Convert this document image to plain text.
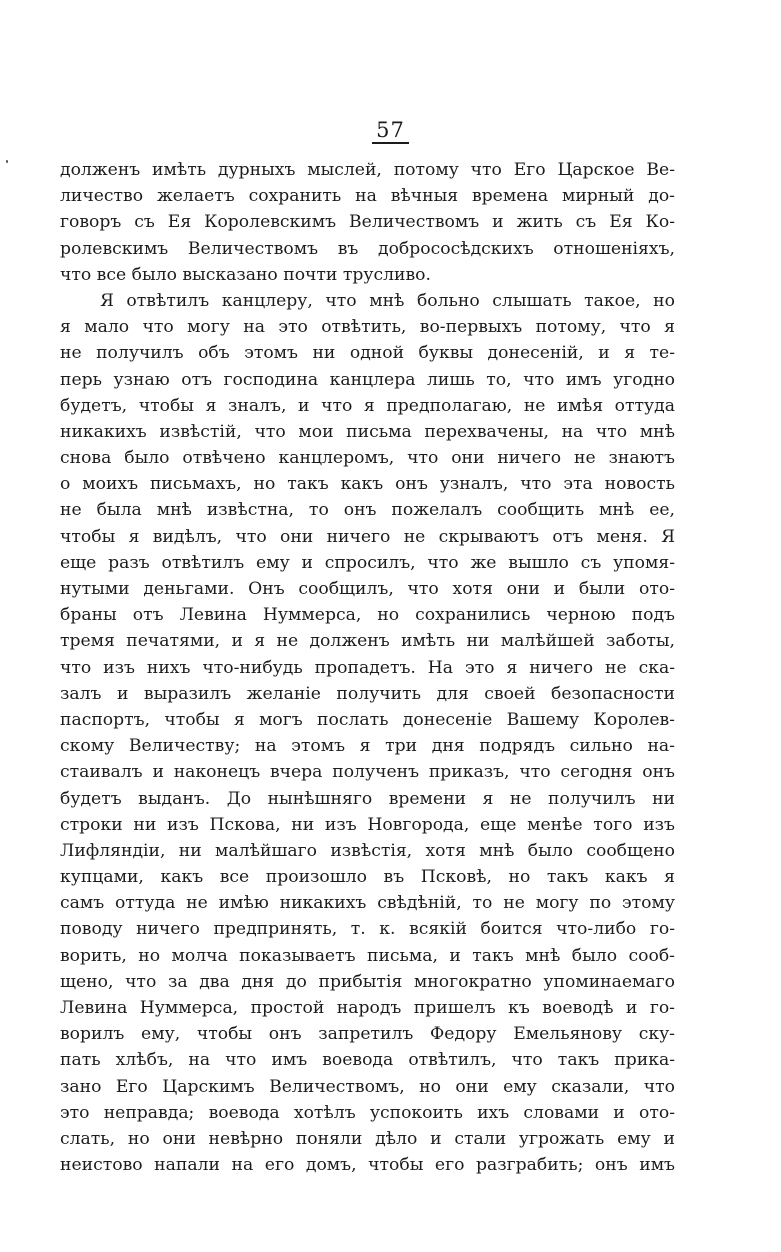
57
долженъ имѣть дурныхъ мыслей, потому что Его Царское Ве-
личество желаетъ сохранить на вѣчныя времена мирный до-
говоръ съ Ея Королевскимъ Величествомъ и жить съ Ея Ко-
ролевскимъ Величествомъ въ добрососѣдскихъ отношеніяхъ,
что все было высказано почти трусливо.
Я отвѣтилъ канцлеру, что мнѣ больно слышать такое, но
я мало что могу на это отвѣтить, во-первыхъ потому, что я
не получилъ объ этомъ ни одной буквы донесеній, и я те-
перь узнаю отъ господина канцлера лишь то, что имъ угодно
будетъ, чтобы я зналъ, и что я предполагаю, не имѣя оттуда
никакихъ извѣстій, что мои письма перехвачены, на что мнѣ
снова было отвѣчено канцлеромъ, что они ничего не знаютъ
о моихъ письмахъ, но такъ какъ онъ узналъ, что эта новость
не была мнѣ извѣстна, то онъ пожелалъ сообщить мнѣ ее,
чтобы я видѣлъ, что они ничего не скрываютъ отъ меня. Я
еще разъ отвѣтилъ ему и спросилъ, что же вышло съ упомя-
нутыми деньгами. Онъ сообщилъ, что хотя они и были ото-
браны отъ Левина Нуммерса, но сохранились черною подъ
тремя печатями, и я не долженъ имѣть ни малѣйшей заботы,
что изъ нихъ что-нибудь пропадетъ. На это я ничего не ска-
залъ и выразилъ желаніе получить для своей безопасности
паспортъ, чтобы я могъ послать донесеніе Вашему Королев-
скому Величеству; на этомъ я три дня подрядъ сильно на-
стаивалъ и наконецъ вчера полученъ приказъ, что сегодня онъ
будетъ выданъ. До нынѣшняго времени я не получилъ ни
строки ни изъ Пскова, ни изъ Новгорода, еще менѣе того изъ
Лифляндіи, ни малѣйшаго извѣстія, хотя мнѣ было сообщено
купцами, какъ все произошло въ Псковѣ, но такъ какъ я
самъ оттуда не имѣю никакихъ свѣдѣній, то не могу по этому
поводу ничего предпринять, т. к. всякій боится что-либо го-
ворить, но молча показываетъ письма, и такъ мнѣ было сооб-
щено, что за два дня до прибытія многократно упоминаемаго
Левина Нуммерса, простой народъ пришелъ къ воеводѣ и го-
ворилъ ему, чтобы онъ запретилъ Федору Емельянову ску-
пать хлѣбъ, на что имъ воевода отвѣтилъ, что такъ прика-
зано Его Царскимъ Величествомъ, но они ему сказали, что
это неправда; воевода хотѣлъ успокоить ихъ словами и ото-
слать, но они невѣрно поняли дѣло и стали угрожать ему и
неистово напали на его домъ, чтобы его разграбить; онъ имъ
